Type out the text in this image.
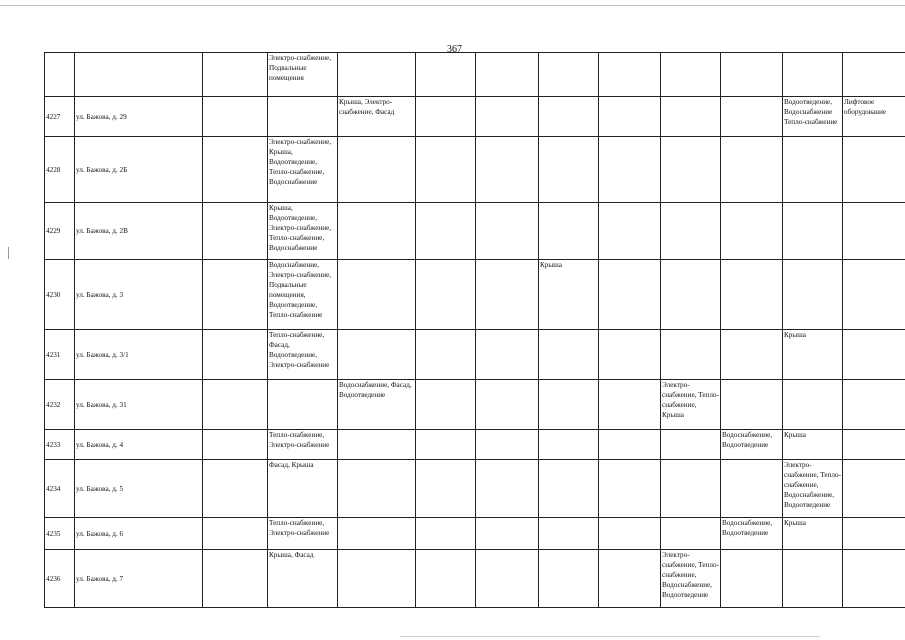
367
			Электро-снабжение, Подвальные помещения									
4227	ул. Бажова, д. 29			Крыша, Электро-снабжение, Фасад							Водоотведение, Водоснабжение Тепло-снабжение	Лифтовое оборудование
4228	ул. Бажова, д. 2Б		Электро-снабжение, Крыша, Водоотведение, Тепло-снабжение, Водоснабжение									
4229	ул. Бажова, д. 2В		Крыша, Водоотведение, Электро-снабжение, Тепло-снабжение, Водоснабжение									
4230	ул. Бажова, д. 3		Водоснабжение, Электро-снабжение, Подвальные помещения, Водоотведение, Тепло-снабжение				Крыша					
4231	ул. Бажова, д. 3/1		Тепло-снабжение, Фасад, Водоотведение, Электро-снабжение								Крыша	
4232	ул. Бажова, д. 31			Водоснабжение, Фасад, Водоотведение					Электро-снабжение, Тепло-снабжение, Крыша			
4233	ул. Бажова, д. 4		Тепло-снабжение, Электро-снабжение							Водоснабжение, Водоотведение	Крыша	
4234	ул. Бажова, д. 5		Фасад, Крыша								Электро-снабжение, Тепло-снабжение, Водоснабжение, Водоотведение	
4235	ул. Бажова, д. 6		Тепло-снабжение, Электро-снабжение							Водоснабжение, Водоотведение	Крыша	
4236	ул. Бажова, д. 7		Крыша, Фасад						Электро-снабжение, Тепло-снабжение, Водоснабжение, Водоотведение			
